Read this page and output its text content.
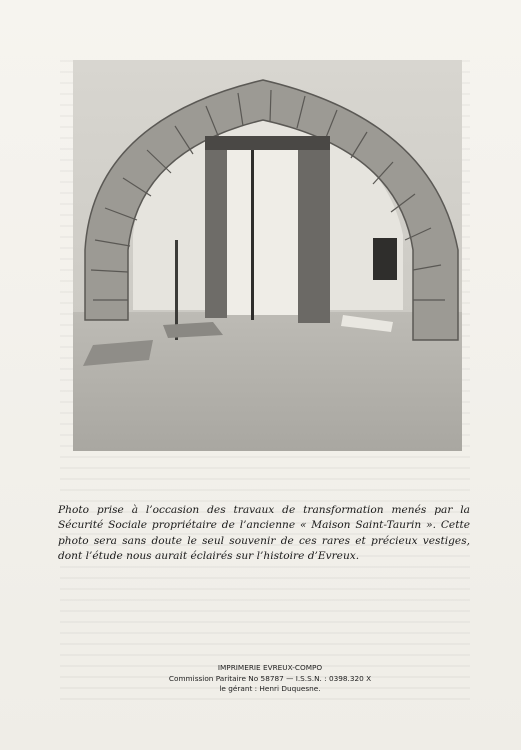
Photo prise à l’occasion des travaux de transformation menés par la Sécurité Sociale propriétaire de l’ancienne « Maison Saint-Taurin ». Cette photo sera sans doute le seul souvenir de ces rares et précieux vestiges, dont l’étude nous aurait éclairés sur l’histoire d’Evreux.
IMPRIMERIE EVREUX-COMPO
Commission Paritaire No 58787 — I.S.S.N. : 0398.320 X
le gérant : Henri Duquesne.
